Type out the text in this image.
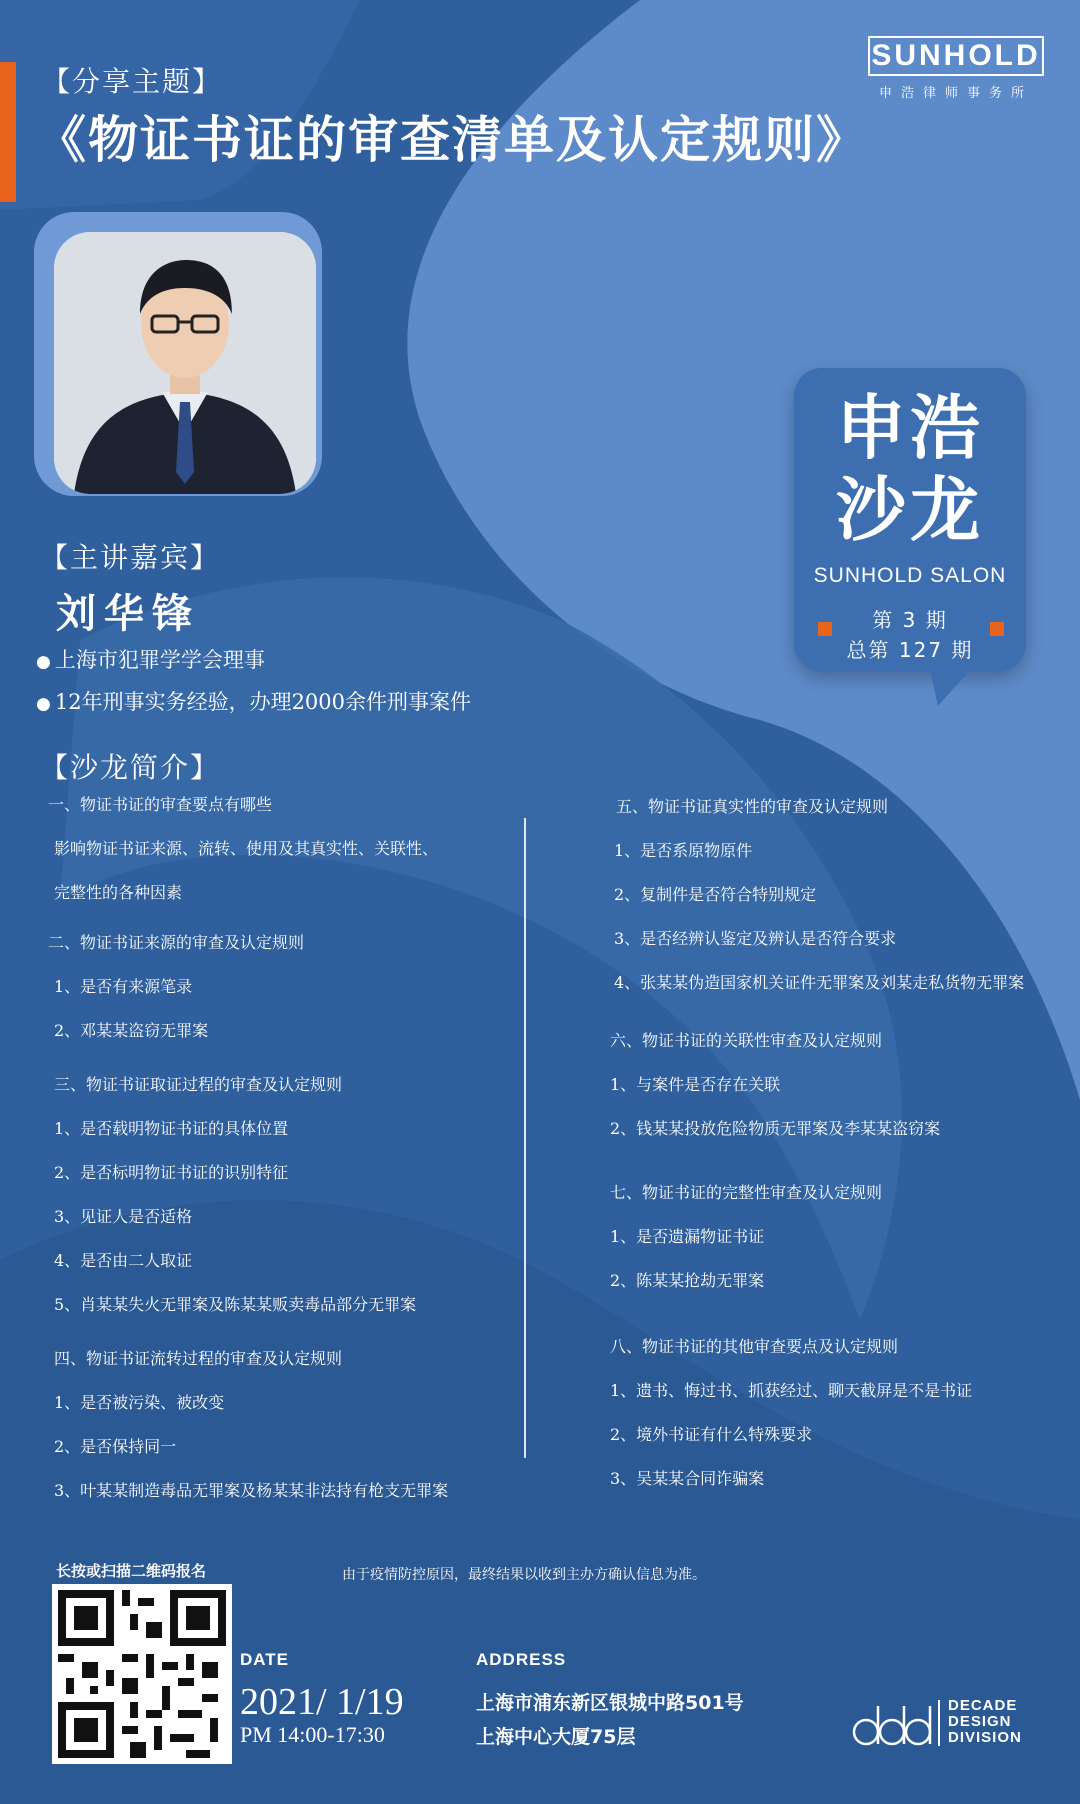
【分享主题】
《物证书证的审查清单及认定规则》
SUNHOLD
申浩律师事务所
申浩
沙龙
SUNHOLD SALON
第 3 期
总第 127 期
【主讲嘉宾】
刘华锋
● 上海市犯罪学学会理事
● 12年刑事实务经验，办理2000余件刑事案件
【沙龙简介】
一、物证书证的审查要点有哪些
影响物证书证来源、流转、使用及其真实性、关联性、
完整性的各种因素
二、物证书证来源的审查及认定规则
1、是否有来源笔录
2、邓某某盗窃无罪案
三、物证书证取证过程的审查及认定规则
1、是否载明物证书证的具体位置
2、是否标明物证书证的识别特征
3、见证人是否适格
4、是否由二人取证
5、肖某某失火无罪案及陈某某贩卖毒品部分无罪案
四、物证书证流转过程的审查及认定规则
1、是否被污染、被改变
2、是否保持同一
3、叶某某制造毒品无罪案及杨某某非法持有枪支无罪案
五、物证书证真实性的审查及认定规则
1、是否系原物原件
2、复制件是否符合特别规定
3、是否经辨认鉴定及辨认是否符合要求
4、张某某伪造国家机关证件无罪案及刘某走私货物无罪案
六、物证书证的关联性审查及认定规则
1、与案件是否存在关联
2、钱某某投放危险物质无罪案及李某某盗窃案
七、物证书证的完整性审查及认定规则
1、是否遗漏物证书证
2、陈某某抢劫无罪案
八、物证书证的其他审查要点及认定规则
1、遗书、悔过书、抓获经过、聊天截屏是不是书证
2、境外书证有什么特殊要求
3、吴某某合同诈骗案
长按或扫描二维码报名	由于疫情防控原因，最终结果以收到主办方确认信息为准。
DATE
2021/ 1/19
PM 14:00-17:30
ADDRESS
上海市浦东新区银城中路501号
上海中心大厦75层
DECADE
DESIGN
DIVISION
